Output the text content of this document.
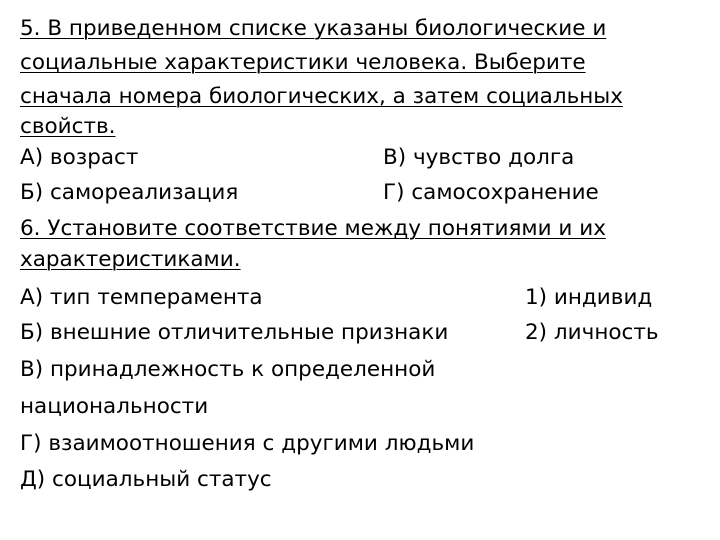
5. В приведенном списке указаны биологические и
социальные характеристики человека. Выберите
сначала номера биологических, а затем социальных
свойств.
А) возраст	В) чувство долга
Б) самореализация	Г) самосохранение
6. Установите соответствие между понятиями и их
характеристиками.
А) тип темперамента	1) индивид
Б) внешние отличительные признаки	2) личность
В) принадлежность к определенной
национальности
Г) взаимоотношения с другими людьми
Д) социальный статус
